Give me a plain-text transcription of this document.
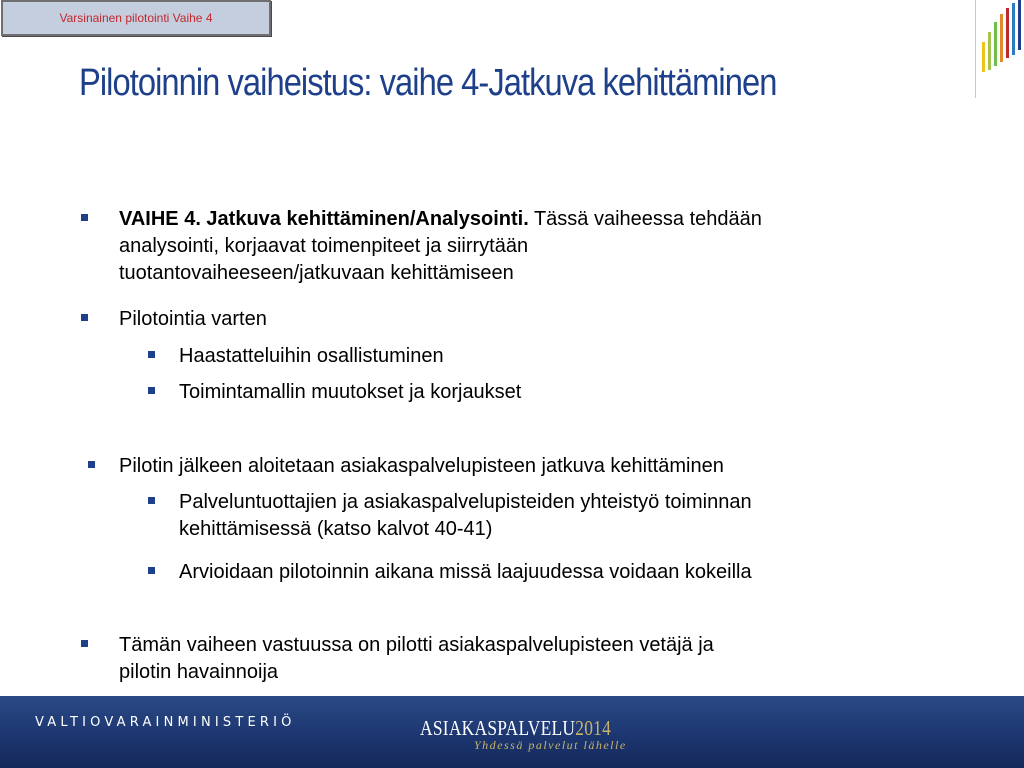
Varsinainen pilotointi Vaihe 4
Pilotoinnin vaiheistus: vaihe 4-Jatkuva kehittäminen
VAIHE 4. Jatkuva kehittäminen/Analysointi. Tässä vaiheessa tehdään
analysointi, korjaavat toimenpiteet ja siirrytään
tuotantovaiheeseen/jatkuvaan kehittämiseen
Pilotointia varten
Haastatteluihin osallistuminen
Toimintamallin muutokset ja korjaukset
Pilotin jälkeen aloitetaan asiakaspalvelupisteen jatkuva kehittäminen
Palveluntuottajien ja asiakaspalvelupisteiden yhteistyö toiminnan
kehittämisessä (katso kalvot 40-41)
Arvioidaan pilotoinnin aikana missä laajuudessa voidaan kokeilla
Tämän vaiheen vastuussa on pilotti asiakaspalvelupisteen vetäjä ja
pilotin havainnoija
VALTIOVARAINMINISTERIÖ	ASIAKASPALVELU2014
Yhdessä palvelut lähelle
